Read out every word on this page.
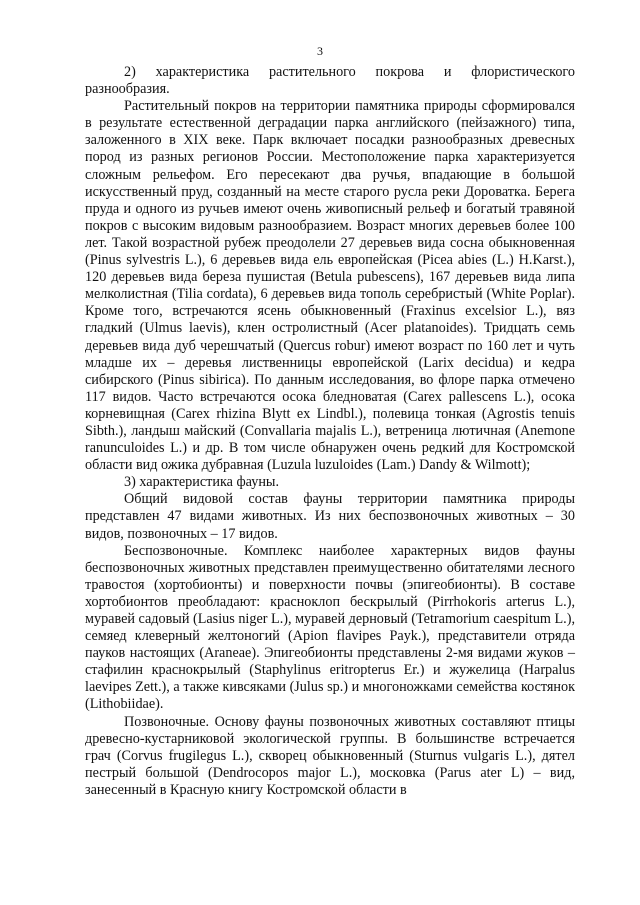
3

2) характеристика растительного покрова и флористического разнообразия.

Растительный покров на территории памятника природы сформировался в результате естественной деградации парка английского (пейзажного) типа, заложенного в XIX веке. Парк включает посадки разнообразных древесных пород из разных регионов России. Местоположение парка характеризуется сложным рельефом. Его пересекают два ручья, впадающие в большой искусственный пруд, созданный на месте старого русла реки Дороватка. Берега пруда и одного из ручьев имеют очень живописный рельеф и богатый травяной покров с высоким видовым разнообразием. Возраст многих деревьев более 100 лет. Такой возрастной рубеж преодолели 27 деревьев вида сосна обыкновенная (Pinus sylvestris L.), 6 деревьев вида ель европейская (Picea abies (L.) H.Karst.), 120 деревьев вида береза пушистая (Betula pubescens), 167 деревьев вида липа мелколистная (Tilia cordata), 6 деревьев вида тополь серебристый (White Poplar). Кроме того, встречаются ясень обыкновенный (Fraxinus excelsior L.), вяз гладкий (Ulmus laevis), клен остролистный (Acer platanoides). Тридцать семь деревьев вида дуб черешчатый (Quercus robur) имеют возраст по 160 лет и чуть младше их – деревья лиственницы европейской (Larix decidua) и кедра сибирского (Pinus sibirica). По данным исследования, во флоре парка отмечено 117 видов. Часто встречаются осока бледноватая (Carex pallescens L.), осока корневищная (Carex rhizina Blytt ex Lindbl.), полевица тонкая (Agrostis tenuis Sibth.), ландыш майский (Convallaria majalis L.), ветреница лютичная (Anemone ranunculoides L.) и др. В том числе обнаружен очень редкий для Костромской области вид ожика дубравная (Luzula luzuloides (Lam.) Dandy & Wilmott);

3) характеристика фауны.

Общий видовой состав фауны территории памятника природы представлен 47 видами животных. Из них беспозвоночных животных – 30 видов, позвоночных – 17 видов.

Беспозвоночные. Комплекс наиболее характерных видов фауны беспозвоночных животных представлен преимущественно обитателями лесного травостоя (хортобионты) и поверхности почвы (эпигеобионты). В составе хортобионтов преобладают: красноклоп бескрылый (Pirrhokoris arterus L.), муравей садовый (Lasius niger L.), муравей дерновый (Tetramorium caespitum L.), семяед клеверный желтоногий (Apion flavipes Payk.), представители отряда пауков настоящих (Araneae). Эпигеобионты представлены 2-мя видами жуков – стафилин краснокрылый (Staphylinus eritropterus Er.) и жужелица (Harpalus laevipes Zett.), а также кивсяками (Julus sp.) и многоножками семейства костянок (Lithobiidae).

Позвоночные. Основу фауны позвоночных животных составляют птицы древесно-кустарниковой экологической группы. В большинстве встречается грач (Corvus frugilegus L.), скворец обыкновенный (Sturnus vulgaris L.), дятел пестрый большой (Dendrocopos major L.), московка (Parus ater L) – вид, занесенный в Красную книгу Костромской области в
